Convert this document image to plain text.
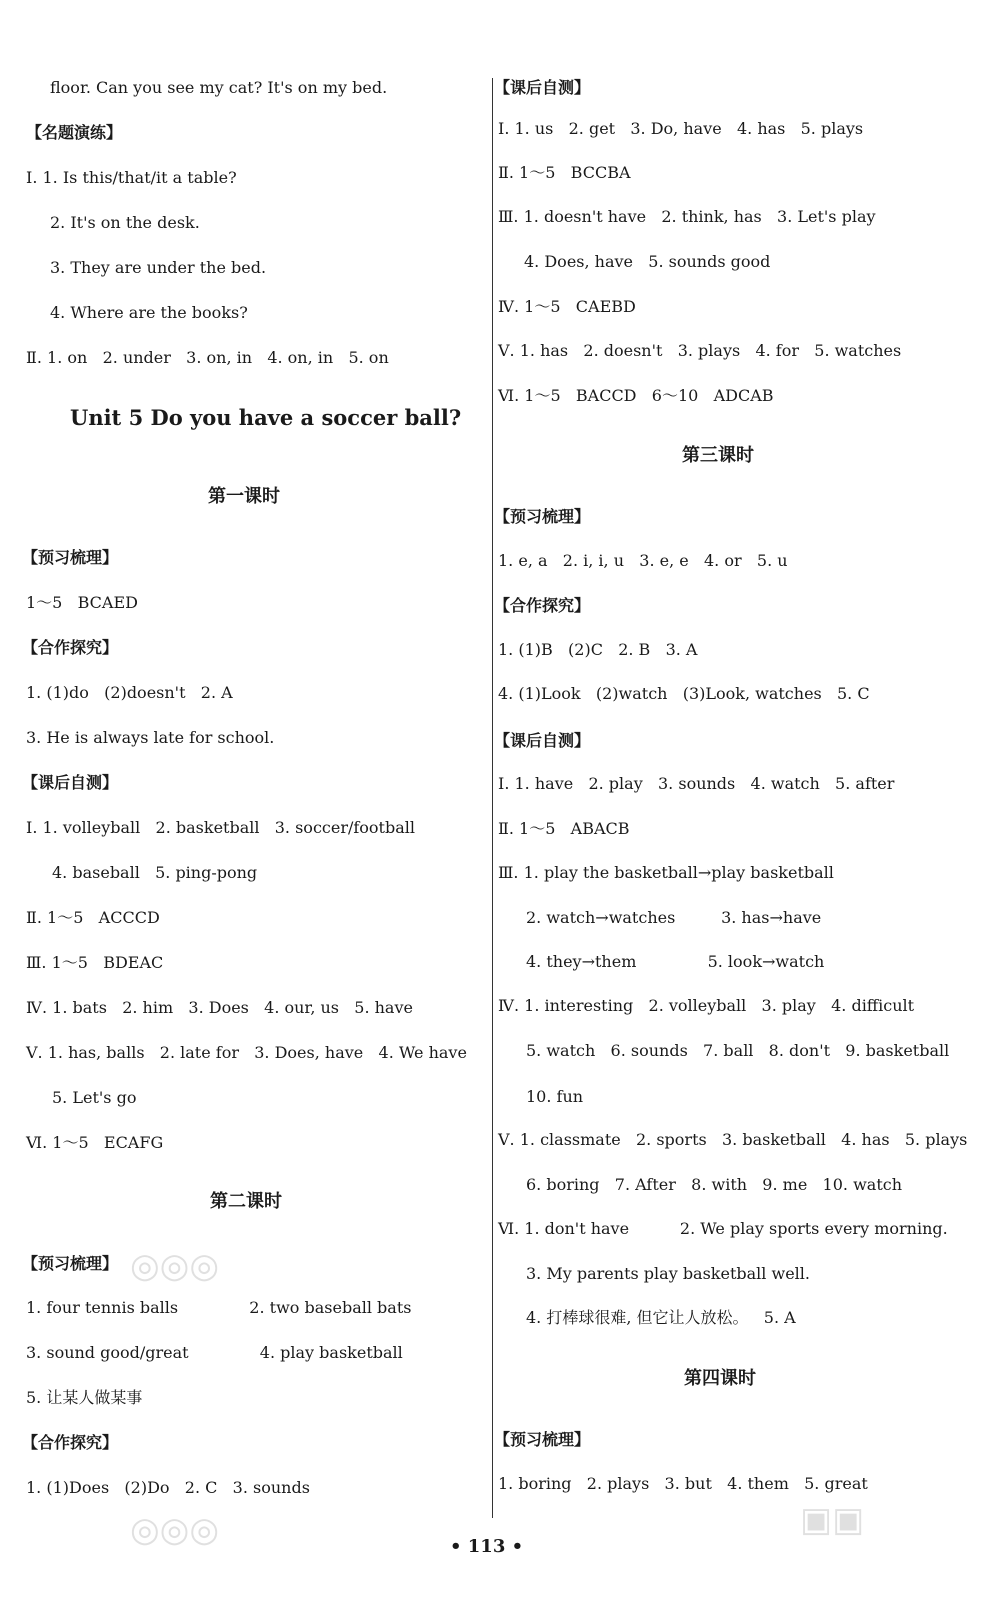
floor. Can you see my cat? It's on my bed.
【名题演练】
Ⅰ. 1. Is this/that/it a table?
2. It's on the desk.
3. They are under the bed.
4. Where are the books?
Ⅱ. 1. on   2. under   3. on, in   4. on, in   5. on
Unit 5 Do you have a soccer ball?
第一课时
【预习梳理】
1～5   BCAED
【合作探究】
1. (1)do   (2)doesn't   2. A
3. He is always late for school.
【课后自测】
Ⅰ. 1. volleyball   2. basketball   3. soccer/football
4. baseball   5. ping-pong
Ⅱ. 1～5   ACCCD
Ⅲ. 1～5   BDEAC
Ⅳ. 1. bats   2. him   3. Does   4. our, us   5. have
Ⅴ. 1. has, balls   2. late for   3. Does, have   4. We have
5. Let's go
Ⅵ. 1～5   ECAFG
第二课时
【预习梳理】
1. four tennis balls              2. two baseball bats
3. sound good/great              4. play basketball
5. 让某人做某事
【合作探究】
1. (1)Does   (2)Do   2. C   3. sounds
【课后自测】
Ⅰ. 1. us   2. get   3. Do, have   4. has   5. plays
Ⅱ. 1～5   BCCBA
Ⅲ. 1. doesn't have   2. think, has   3. Let's play
4. Does, have   5. sounds good
Ⅳ. 1～5   CAEBD
Ⅴ. 1. has   2. doesn't   3. plays   4. for   5. watches
Ⅵ. 1～5   BACCD   6～10   ADCAB
第三课时
【预习梳理】
1. e, a   2. i, i, u   3. e, e   4. or   5. u
【合作探究】
1. (1)B   (2)C   2. B   3. A
4. (1)Look   (2)watch   (3)Look, watches   5. C
【课后自测】
Ⅰ. 1. have   2. play   3. sounds   4. watch   5. after
Ⅱ. 1～5   ABACB
Ⅲ. 1. play the basketball→play basketball
2. watch→watches         3. has→have
4. they→them              5. look→watch
Ⅳ. 1. interesting   2. volleyball   3. play   4. difficult
5. watch   6. sounds   7. ball   8. don't   9. basketball
10. fun
Ⅴ. 1. classmate   2. sports   3. basketball   4. has   5. plays
6. boring   7. After   8. with   9. me   10. watch
Ⅵ. 1. don't have          2. We play sports every morning.
3. My parents play basketball well.
4. 打棒球很难, 但它让人放松。   5. A
第四课时
【预习梳理】
1. boring   2. plays   3. but   4. them   5. great
• 113 •
◎◎◎
◎◎◎	▣▣
